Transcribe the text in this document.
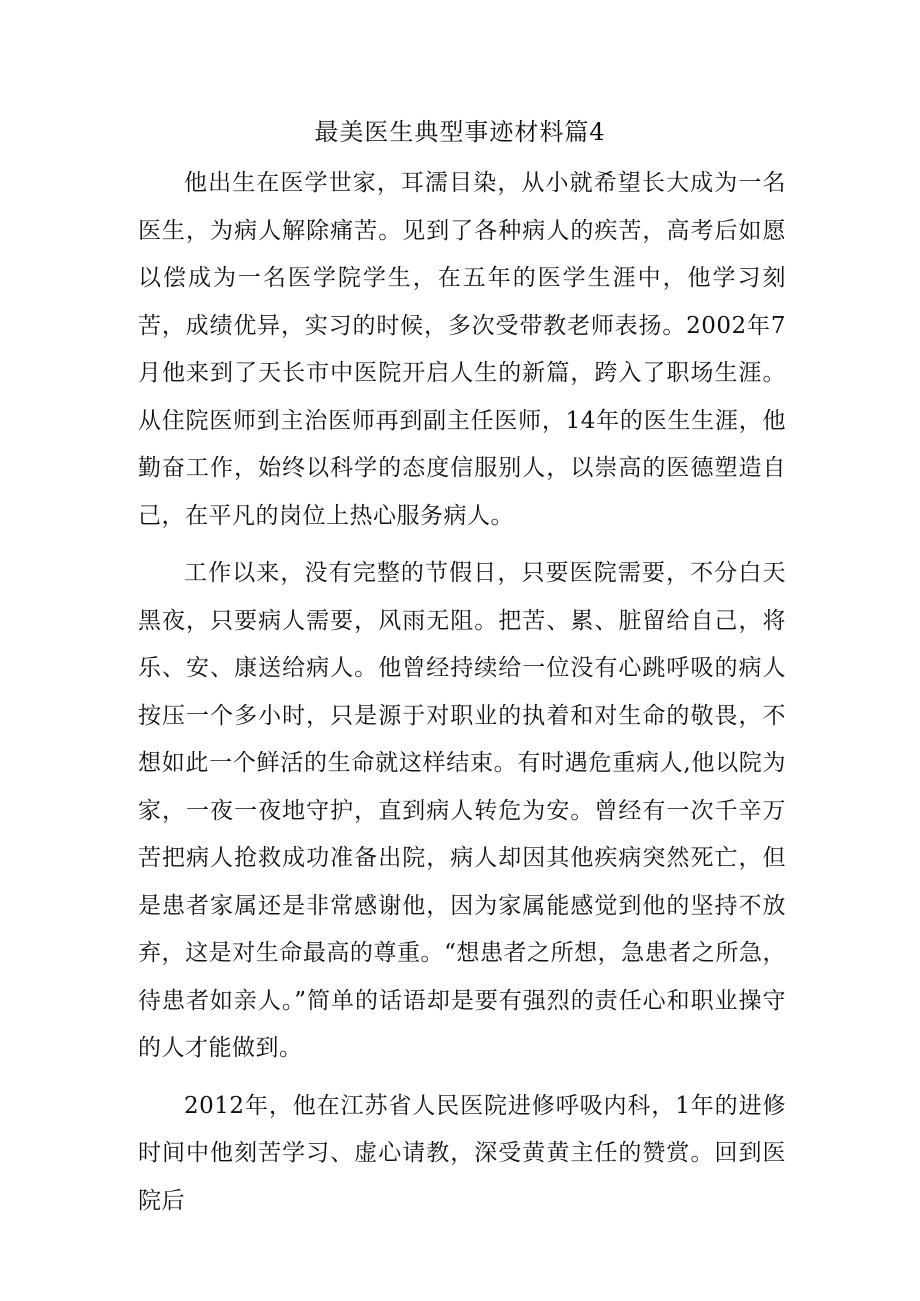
最美医生典型事迹材料篇4

他出生在医学世家，耳濡目染，从小就希望长大成为一名医生，为病人解除痛苦。见到了各种病人的疾苦，高考后如愿以偿成为一名医学院学生，在五年的医学生涯中，他学习刻苦，成绩优异，实习的时候，多次受带教老师表扬。2002年7月他来到了天长市中医院开启人生的新篇，跨入了职场生涯。从住院医师到主治医师再到副主任医师，14年的医生生涯，他勤奋工作，始终以科学的态度信服别人，以崇高的医德塑造自己，在平凡的岗位上热心服务病人。

工作以来，没有完整的节假日，只要医院需要，不分白天黑夜，只要病人需要，风雨无阻。把苦、累、脏留给自己，将乐、安、康送给病人。他曾经持续给一位没有心跳呼吸的病人按压一个多小时，只是源于对职业的执着和对生命的敬畏，不想如此一个鲜活的生命就这样结束。有时遇危重病人,他以院为家，一夜一夜地守护，直到病人转危为安。曾经有一次千辛万苦把病人抢救成功准备出院，病人却因其他疾病突然死亡，但是患者家属还是非常感谢他，因为家属能感觉到他的坚持不放弃，这是对生命最高的尊重。“想患者之所想，急患者之所急，待患者如亲人。”简单的话语却是要有强烈的责任心和职业操守的人才能做到。

2012年，他在江苏省人民医院进修呼吸内科，1年的进修时间中他刻苦学习、虚心请教，深受黄黄主任的赞赏。回到医院后
